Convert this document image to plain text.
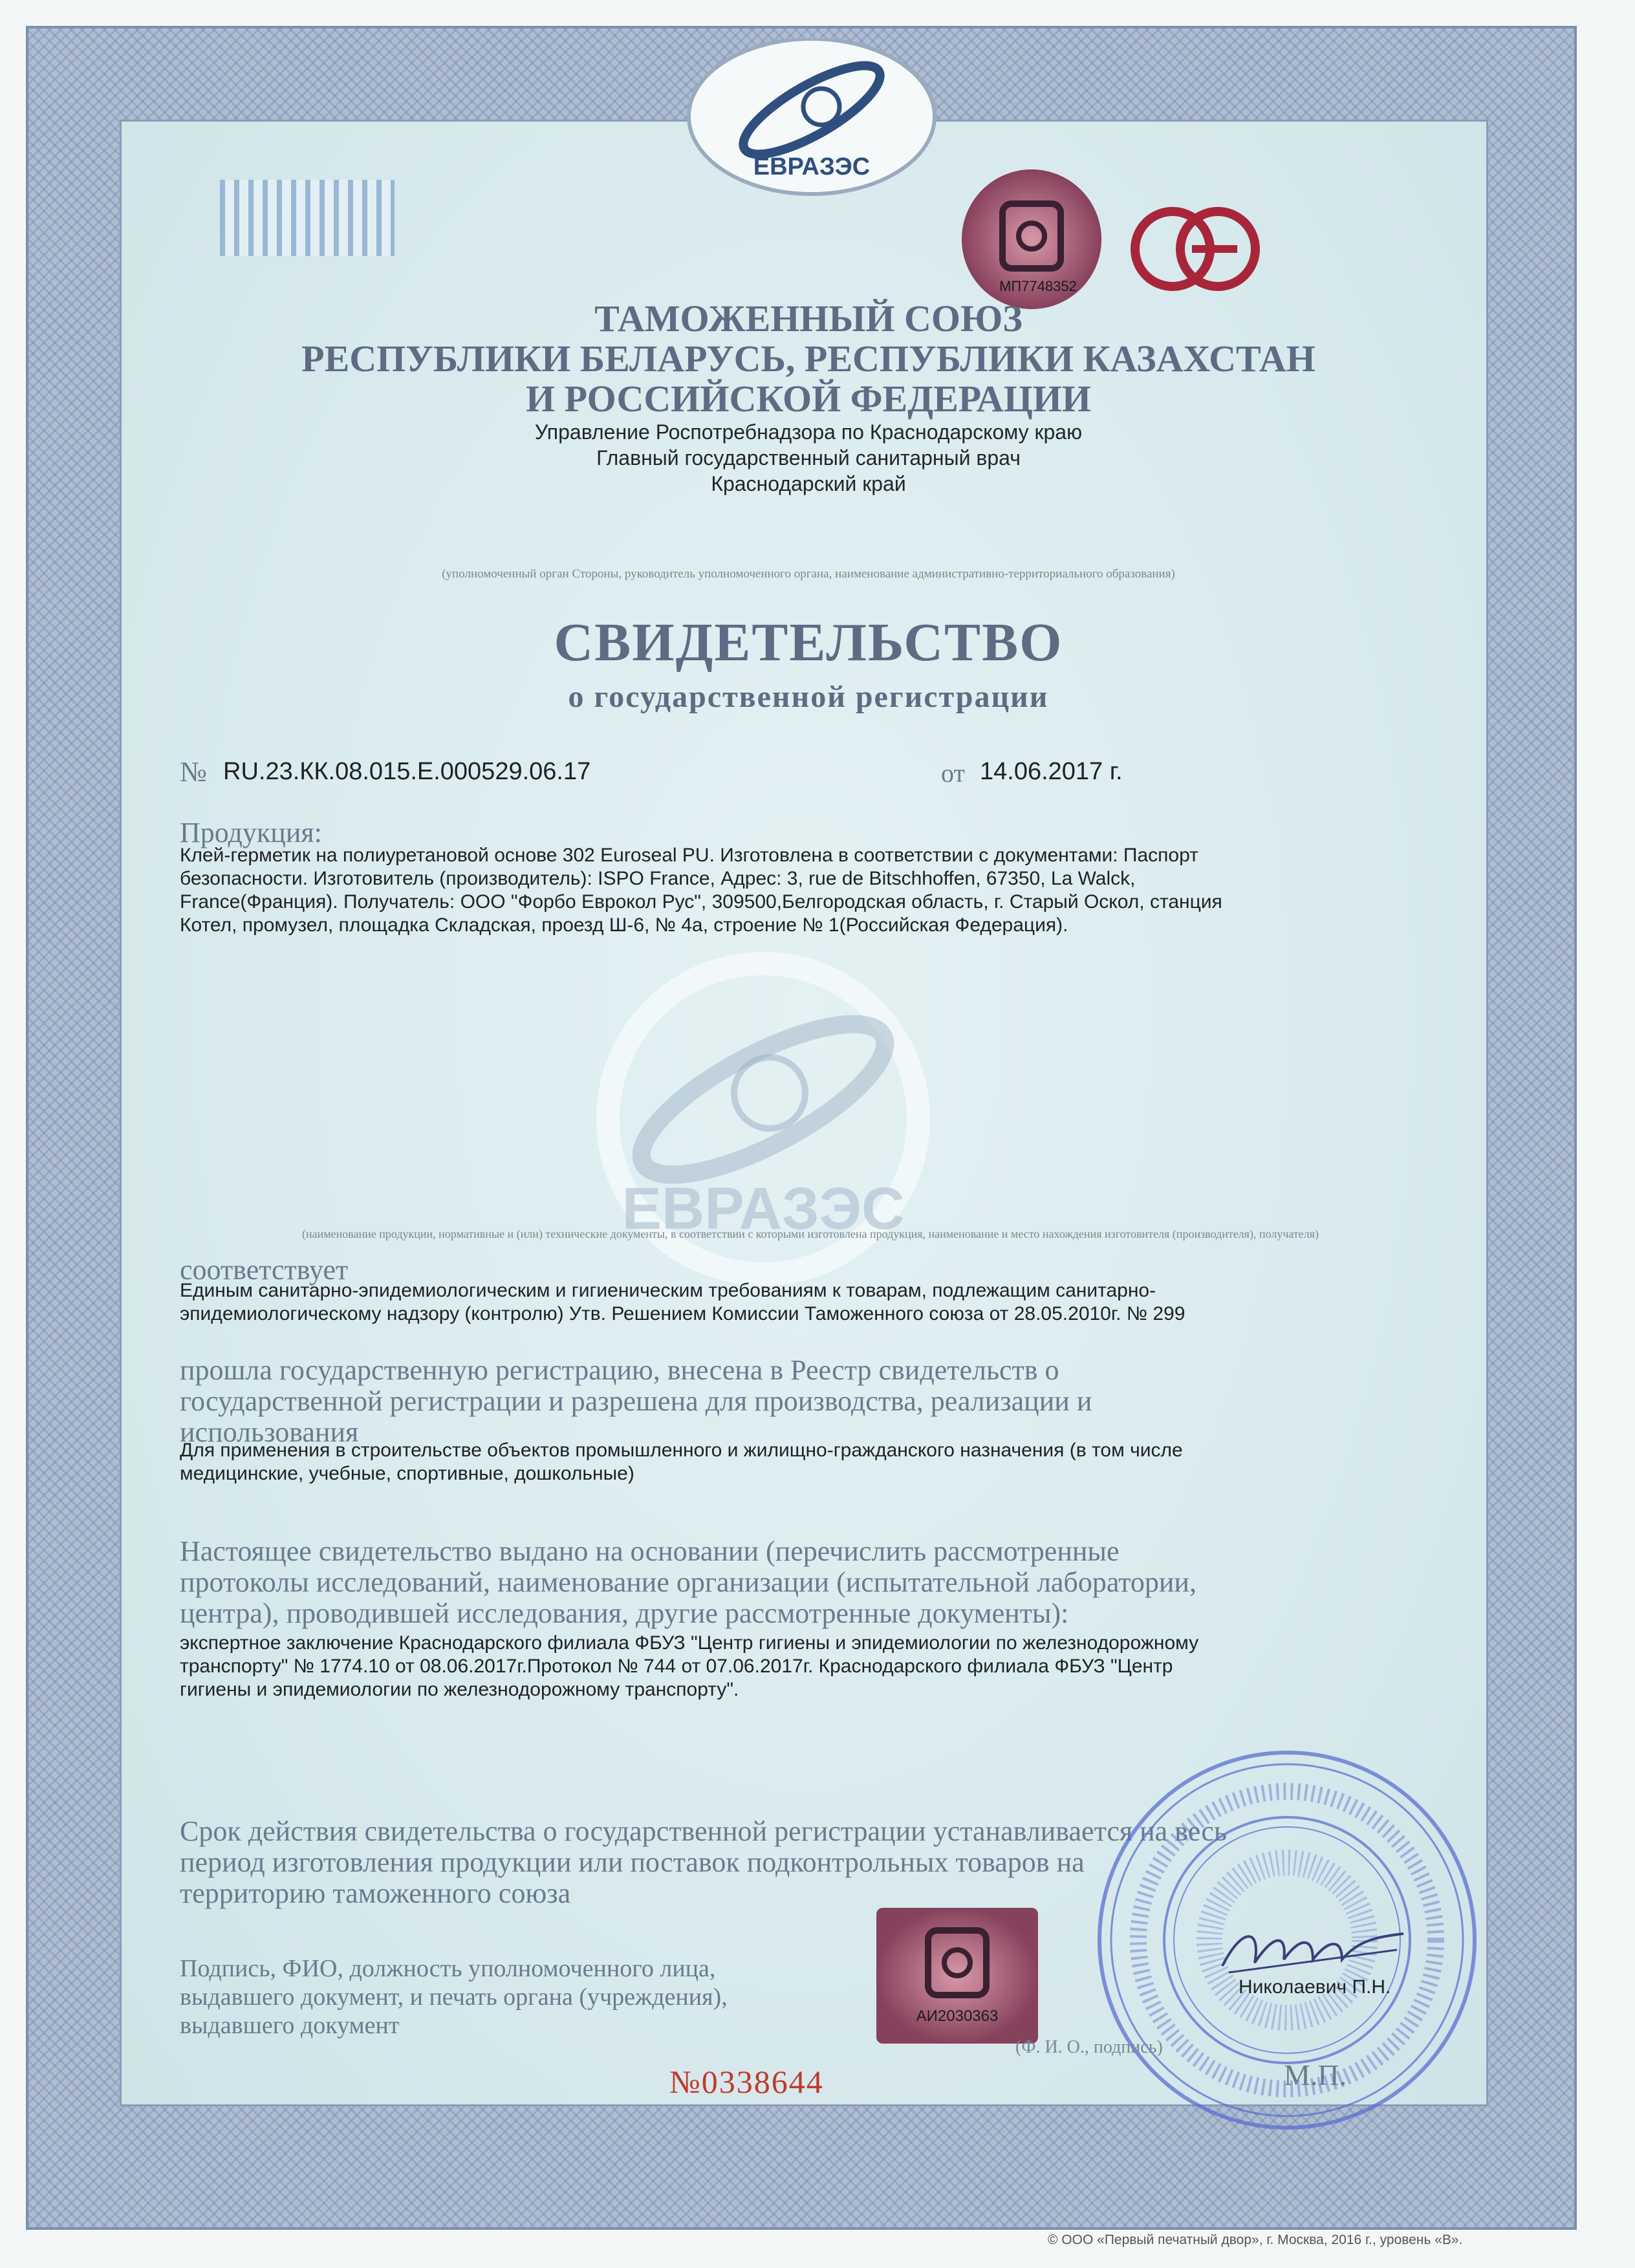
ЕВРАЗЭС
ЕВРАЗЭС
МП7748352
ТАМОЖЕННЫЙ СОЮЗ
РЕСПУБЛИКИ БЕЛАРУСЬ, РЕСПУБЛИКИ КАЗАХСТАН
И РОССИЙСКОЙ ФЕДЕРАЦИИ
Управление Роспотребнадзора по Краснодарскому краю
Главный государственный санитарный врач
Краснодарский край
(уполномоченный орган Стороны, руководитель уполномоченного органа, наименование административно-территориального образования)
СВИДЕТЕЛЬСТВО
о государственной регистрации
№ RU.23.КК.08.015.Е.000529.06.17	от 14.06.2017 г.
Продукция:
Клей-герметик на полиуретановой основе 302 Euroseal PU. Изготовлена в соответствии с документами: Паспорт
безопасности. Изготовитель (производитель): ISPO France, Адрес: 3, rue de Bitschhoffen, 67350, La Walck,
France(Франция). Получатель: ООО "Форбо Еврокол Рус", 309500,Белгородская область, г. Старый Оскол, станция
Котел, промузел, площадка Складская, проезд Ш-6, № 4а, строение № 1(Российская Федерация).
(наименование продукции, нормативные и (или) технические документы, в соответствии с которыми изготовлена продукция, наименование и место нахождения изготовителя (производителя), получателя)
соответствует
Единым санитарно-эпидемиологическим и гигиеническим требованиям к товарам, подлежащим санитарно-
эпидемиологическому надзору (контролю) Утв. Решением Комиссии Таможенного союза от 28.05.2010г. № 299
прошла государственную регистрацию, внесена в Реестр свидетельств о
государственной регистрации и разрешена для производства, реализации и
использования
Для применения в строительстве объектов промышленного и жилищно-гражданского назначения (в том числе
медицинские, учебные, спортивные, дошкольные)
Настоящее свидетельство выдано на основании (перечислить рассмотренные
протоколы исследований, наименование организации (испытательной лаборатории,
центра), проводившей исследования, другие рассмотренные документы):
экспертное заключение Краснодарского филиала ФБУЗ "Центр гигиены и эпидемиологии по железнодорожному
транспорту" № 1774.10 от 08.06.2017г.Протокол № 744 от 07.06.2017г. Краснодарского филиала ФБУЗ "Центр
гигиены и эпидемиологии по железнодорожному транспорту".
Срок действия свидетельства о государственной регистрации устанавливается на весь
период изготовления продукции или поставок подконтрольных товаров на
территорию таможенного союза
АИ2030363
Подпись, ФИО, должность уполномоченного лица,
выдавшего документ, и печать органа (учреждения),
выдавшего документ
Николаевич П.Н.
(Ф. И. О., подпись)
М.П.
№0338644
© ООО «Первый печатный двор», г. Москва, 2016 г., уровень «В».
